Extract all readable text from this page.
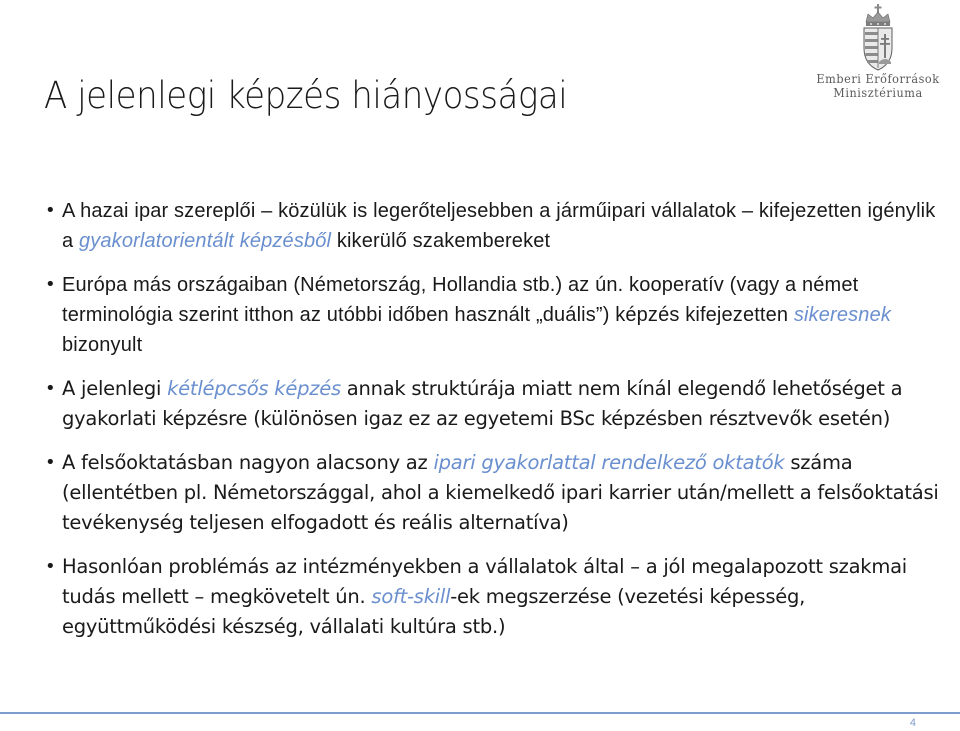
A jelenlegi képzés hiányosságai	Emberi Erőforrások
Minisztériuma
• A hazai ipar szereplői – közülük is legerőteljesebben a járműipari vállalatok – kifejezetten igénylik a gyakorlatorientált képzésből kikerülő szakembereket
• Európa más országaiban (Németország, Hollandia stb.) az ún. kooperatív (vagy a német terminológia szerint itthon az utóbbi időben használt „duális”) képzés kifejezetten sikeresnek bizonyult
• A jelenlegi kétlépcsős képzés annak struktúrája miatt nem kínál elegendő lehetőséget a gyakorlati képzésre (különösen igaz ez az egyetemi BSc képzésben résztvevők esetén)
• A felsőoktatásban nagyon alacsony az ipari gyakorlattal rendelkező oktatók száma (ellentétben pl. Németországgal, ahol a kiemelkedő ipari karrier után/mellett a felsőoktatási tevékenység teljesen elfogadott és reális alternatíva)
• Hasonlóan problémás az intézményekben a vállalatok által – a jól megalapozott szakmai tudás mellett – megkövetelt ún. soft-skill-ek megszerzése (vezetési képesség, együttműködési készség, vállalati kultúra stb.)
4
